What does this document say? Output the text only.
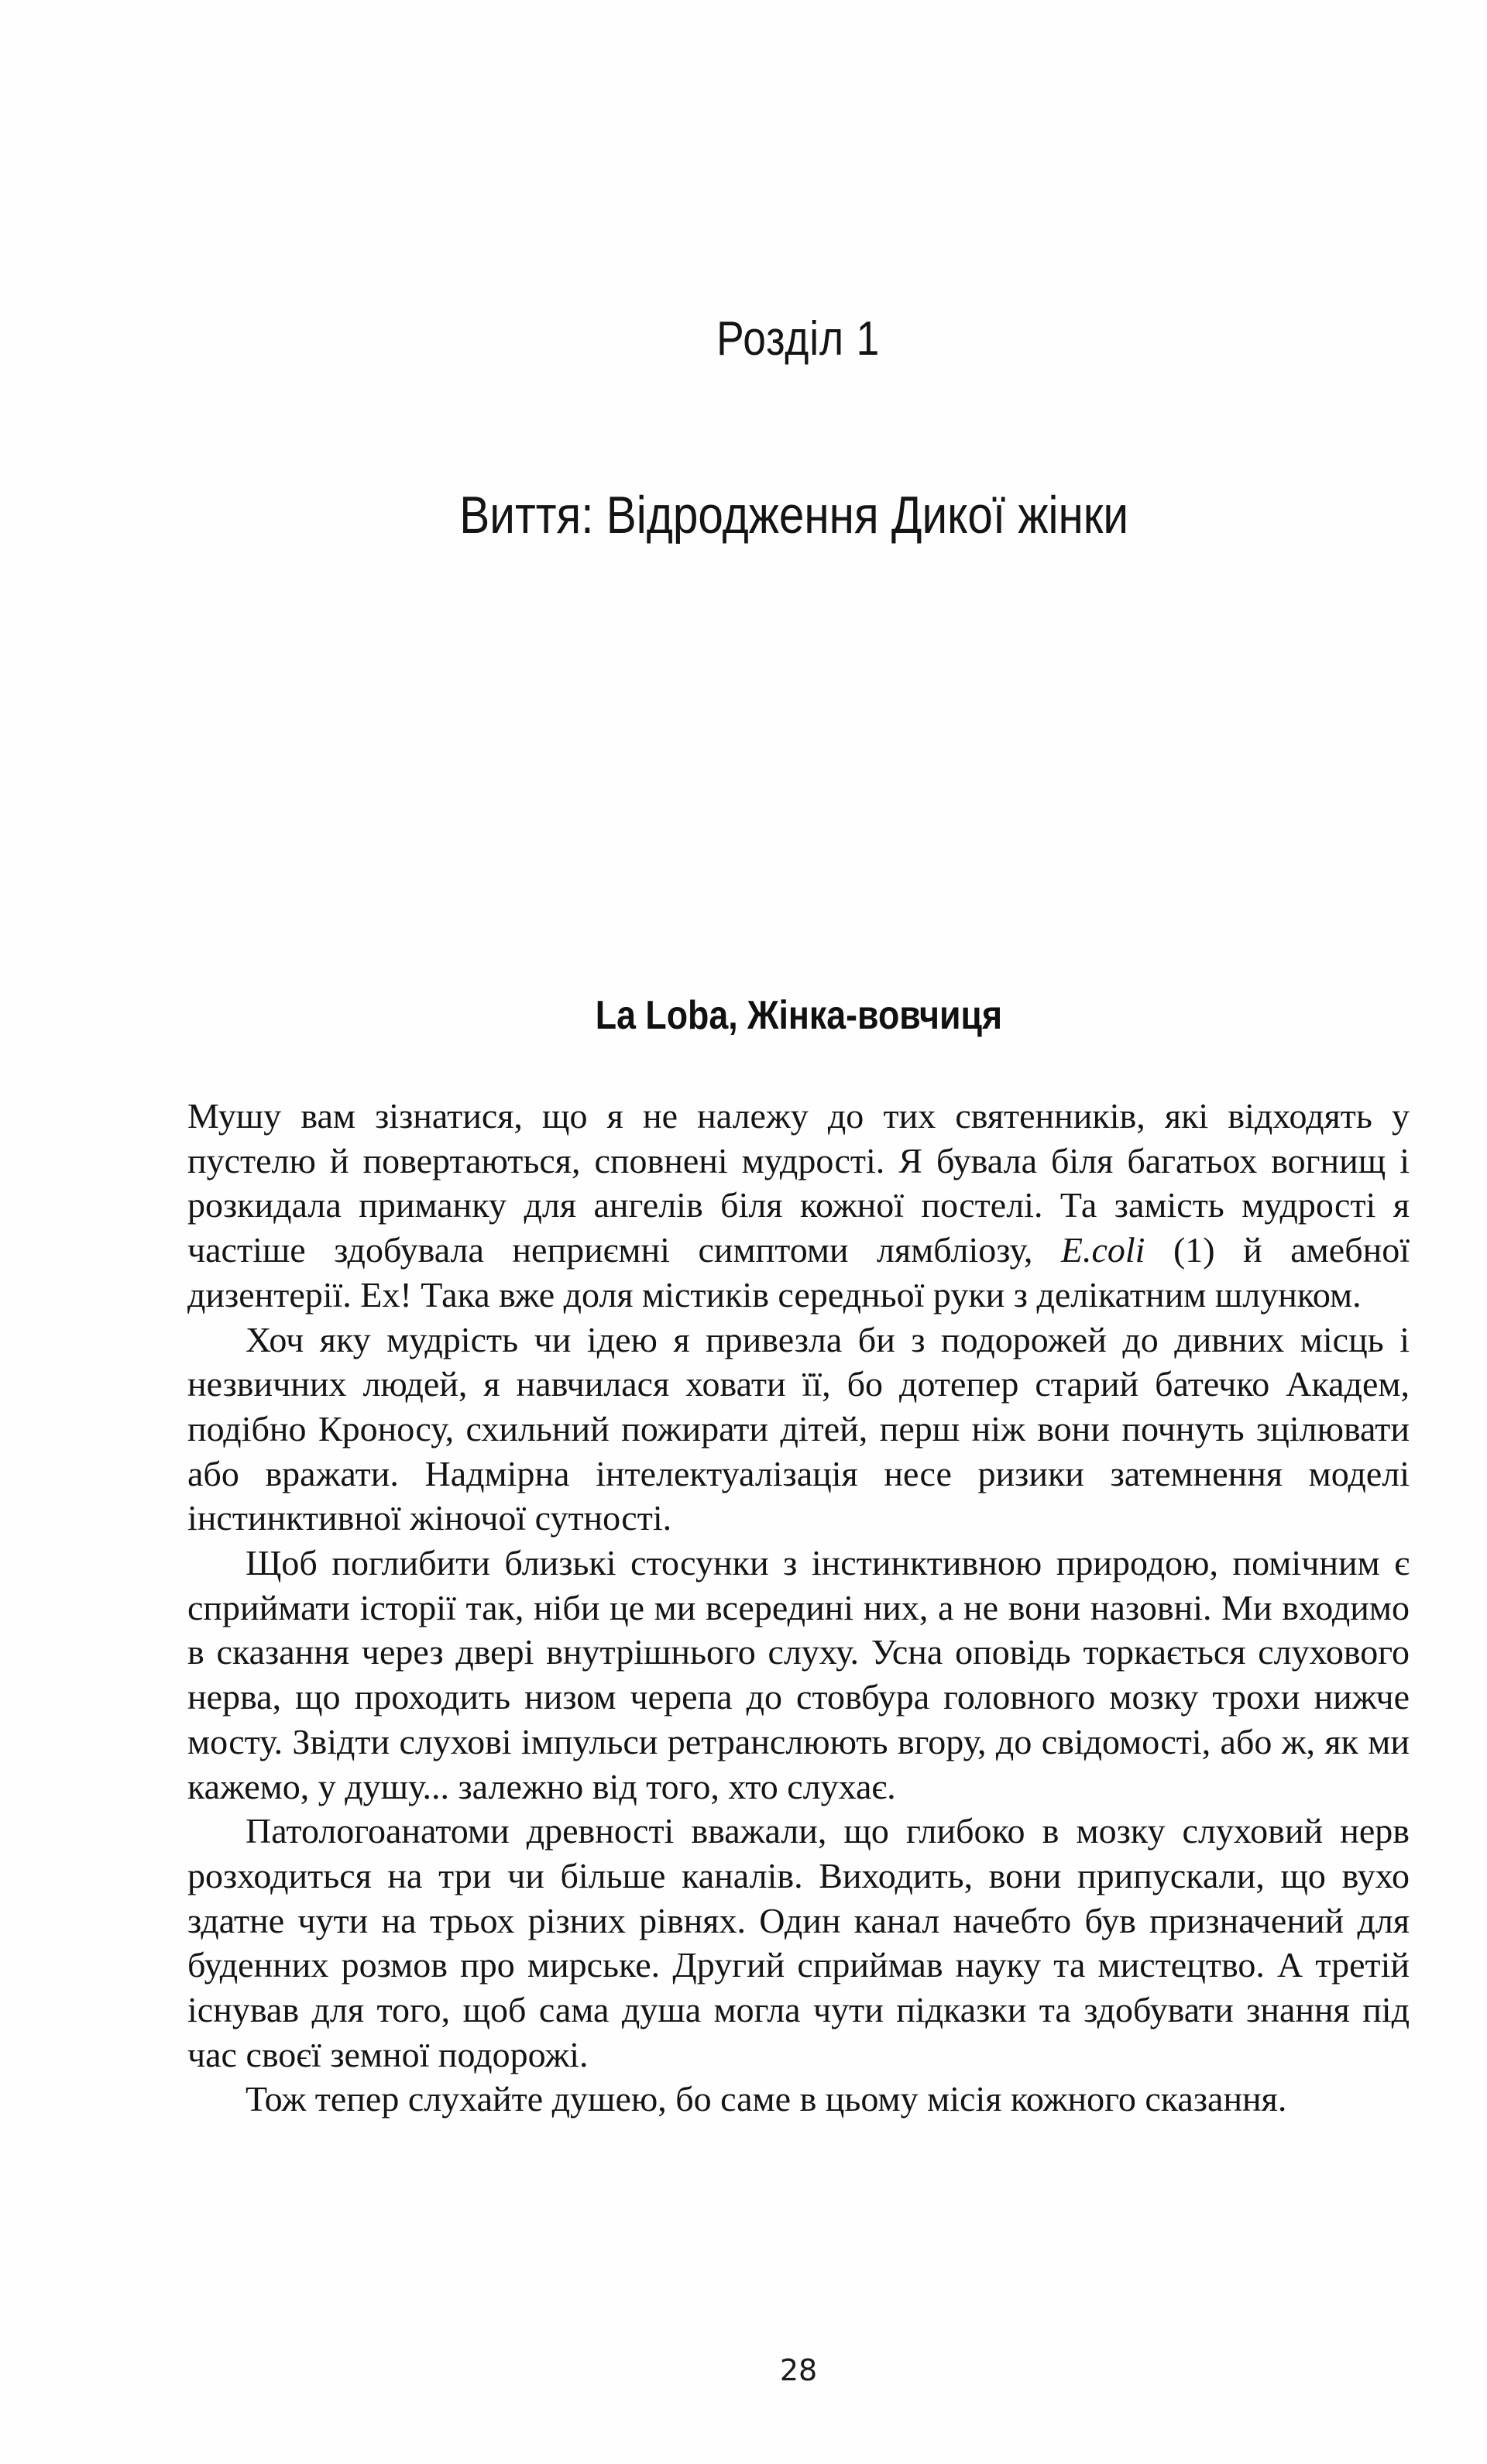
Розділ 1
Виття: Відродження Дикої жінки
La Loba, Жінка-вовчиця

Мушу вам зізнатися, що я не належу до тих святенників, які відходять у пустелю й повертаються, сповнені мудрості. Я бувала біля багатьох вогнищ і розкидала приманку для ангелів біля кожної постелі. Та замість мудрості я частіше здобувала неприємні симптоми лямбліозу, E.coli (1) й амебної дизентерії. Ех! Така вже доля містиків середньої руки з делікатним шлунком.

Хоч яку мудрість чи ідею я привезла би з подорожей до дивних місць і незвичних людей, я навчилася ховати її, бо дотепер старий батечко Академ, подібно Кроносу, схильний пожирати дітей, перш ніж вони почнуть зцілювати або вражати. Надмірна інтелектуалізація несе ризики затемнення моделі інстинктивної жіночої сутності.

Щоб поглибити близькі стосунки з інстинктивною природою, помічним є сприймати історії так, ніби це ми всередині них, а не вони назовні. Ми входимо в сказання через двері внутрішнього слуху. Усна оповідь торкається слухового нерва, що проходить низом черепа до стовбура головного мозку трохи нижче мосту. Звідти слухові імпульси ретранслюють вгору, до свідомості, або ж, як ми кажемо, у душу... залежно від того, хто слухає.

Патологоанатоми древності вважали, що глибоко в мозку слуховий нерв розходиться на три чи більше каналів. Виходить, вони припускали, що вухо здатне чути на трьох різних рівнях. Один канал начебто був призначений для буденних розмов про мирське. Другий сприймав науку та мистецтво. А третій існував для того, щоб сама душа могла чути підказки та здобувати знання під час своєї земної подорожі.

Тож тепер слухайте душею, бо саме в цьому місія кожного сказання.

28
